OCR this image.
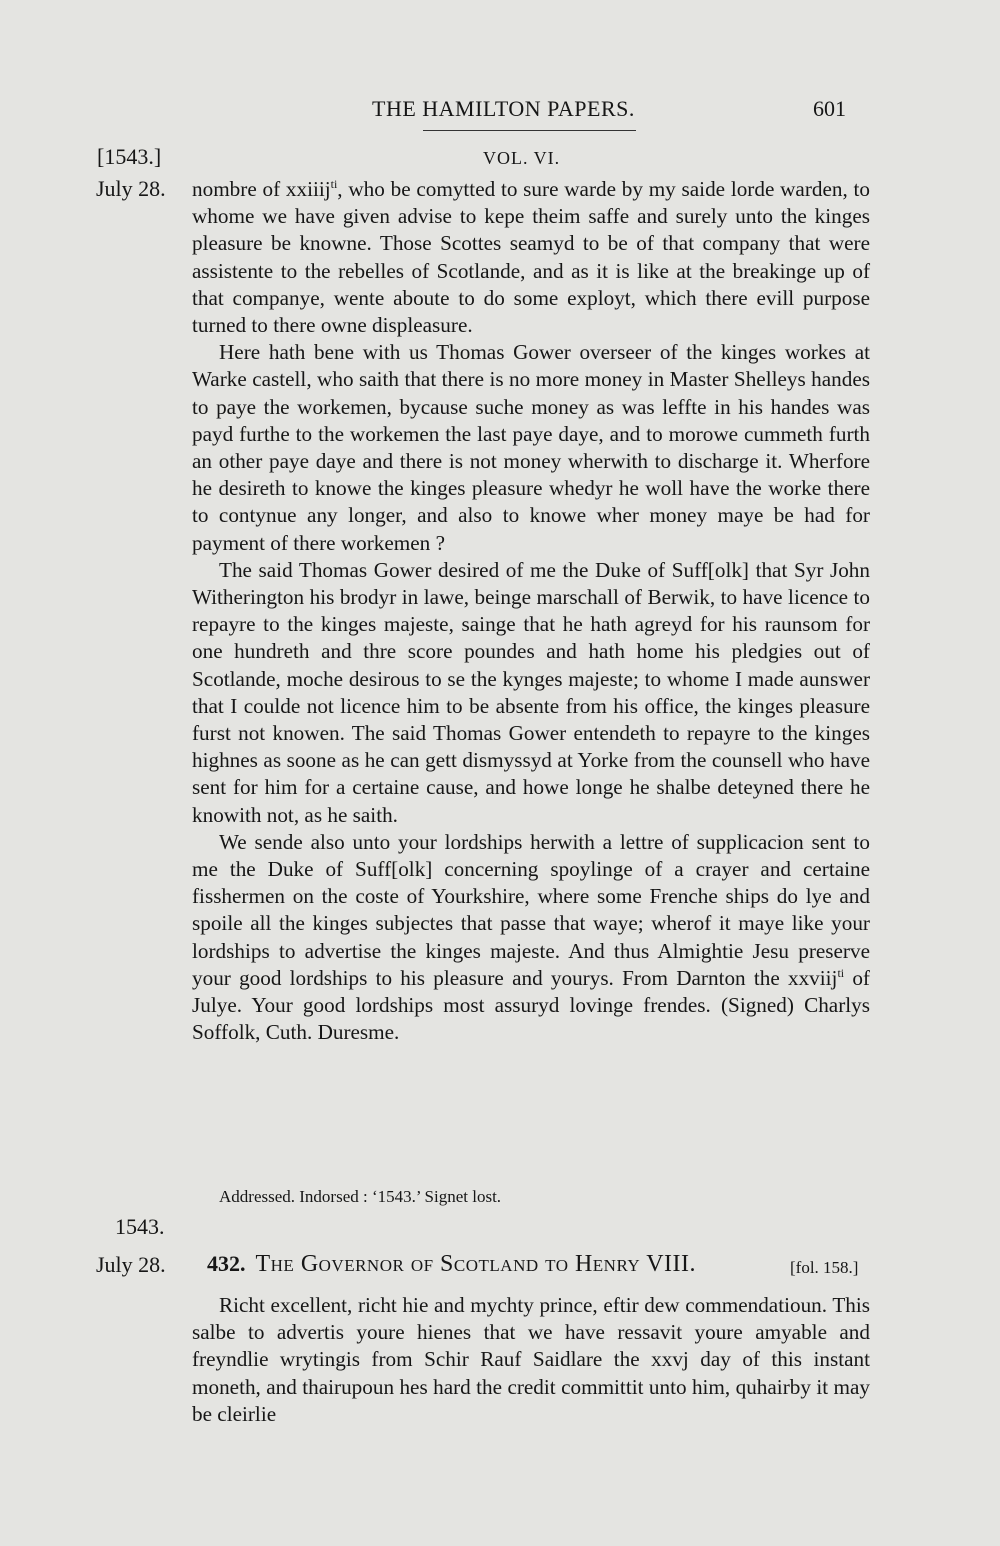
THE HAMILTON PAPERS.	601
[1543.]	VOL. VI.
July 28. nombre of xxiiij$^{ti}$, who be comytted to sure warde by my saide lorde warden, to whome we have given advise to kepe theim saffe and surely unto the kinges pleasure be knowne. Those Scottes seamyd to be of that company that were assistente to the rebelles of Scotlande, and as it is like at the breakinge up of that companye, wente aboute to do some exployt, which there evill purpose turned to there owne displeasure.

Here hath bene with us Thomas Gower overseer of the kinges workes at Warke castell, who saith that there is no more money in Master Shelleys handes to paye the workemen, bycause suche money as was leffte in his handes was payd furthe to the workemen the last paye daye, and to morowe cummeth furth an other paye daye and there is not money wherwith to discharge it. Wherfore he desireth to knowe the kinges pleasure whedyr he woll have the worke there to contynue any longer, and also to knowe wher money maye be had for payment of there workemen ?

The said Thomas Gower desired of me the Duke of Suff[olk] that Syr John Witherington his brodyr in lawe, beinge marschall of Berwik, to have licence to repayre to the kinges majeste, sainge that he hath agreyd for his raunsom for one hundreth and thre score poundes and hath home his pledgies out of Scotlande, moche desirous to se the kynges majeste; to whome I made aunswer that I coulde not licence him to be absente from his office, the kinges pleasure furst not knowen. The said Thomas Gower entendeth to repayre to the kinges highnes as soone as he can gett dismyssyd at Yorke from the counsell who have sent for him for a certaine cause, and howe longe he shalbe deteyned there he knowith not, as he saith.

We sende also unto your lordships herwith a lettre of supplicacion sent to me the Duke of Suff[olk] concerning spoylinge of a crayer and certaine fisshermen on the coste of Yourkshire, where some Frenche ships do lye and spoile all the kinges subjectes that passe that waye; wherof it maye like your lordships to advertise the kinges majeste. And thus Almightie Jesu preserve your good lordships to his pleasure and yourys. From Darnton the xxviij$^{ti}$ of Julye. Your good lordships most assuryd lovinge frendes. (Signed) Charlys Soffolk, Cuth. Duresme.

Addressed. Indorsed : ‘1543.’ Signet lost.
1543.
July 28. 432. The Governor of Scotland to Henry VIII.	[fol. 158.]

Richt excellent, richt hie and mychty prince, eftir dew commendatioun. This salbe to advertis youre hienes that we have ressavit youre amyable and freyndlie wrytingis from Schir Rauf Saidlare the xxvj day of this instant moneth, and thairupoun hes hard the credit committit unto him, quhairby it may be cleirlie
